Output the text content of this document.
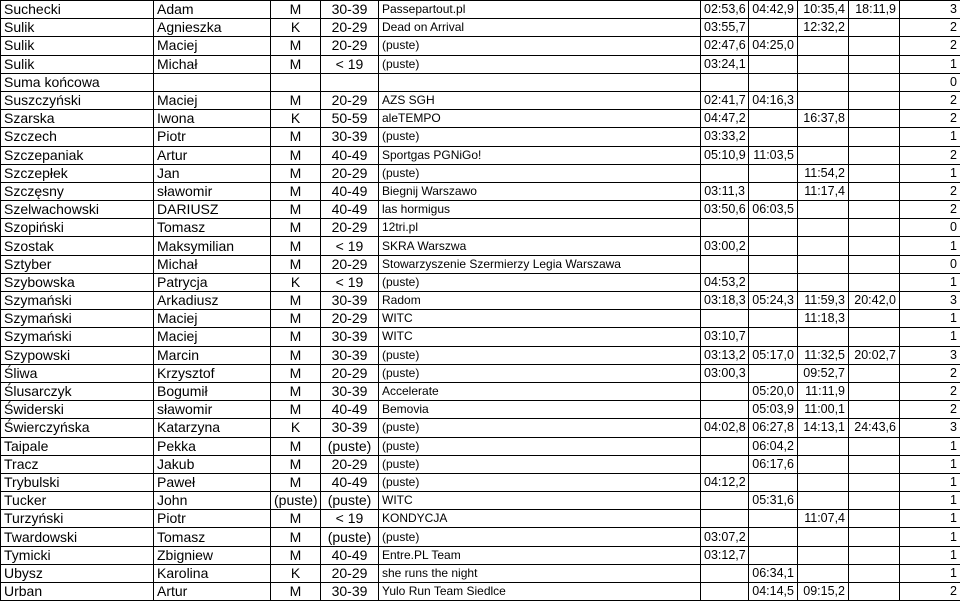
Suchecki	Adam	M	30-39	Passepartout.pl	02:53,6	04:42,9	10:35,4	18:11,9	3
Sulik	Agnieszka	K	20-29	Dead on Arrival	03:55,7		12:32,2		2
Sulik	Maciej	M	20-29	(puste)	02:47,6	04:25,0			2
Sulik	Michał	M	< 19	(puste)	03:24,1				1
Suma końcowa									0
Suszczyński	Maciej	M	20-29	AZS SGH	02:41,7	04:16,3			2
Szarska	Iwona	K	50-59	aleTEMPO	04:47,2		16:37,8		2
Szczech	Piotr	M	30-39	(puste)	03:33,2				1
Szczepaniak	Artur	M	40-49	Sportgas PGNiGo!	05:10,9	11:03,5			2
Szczepłek	Jan	M	20-29	(puste)			11:54,2		1
Szczęsny	sławomir	M	40-49	Biegnij Warszawo	03:11,3		11:17,4		2
Szelwachowski	DARIUSZ	M	40-49	las hormigus	03:50,6	06:03,5			2
Szopiński	Tomasz	M	20-29	12tri.pl					0
Szostak	Maksymilian	M	< 19	SKRA Warszwa	03:00,2				1
Sztyber	Michał	M	20-29	Stowarzyszenie Szermierzy Legia Warszawa					0
Szybowska	Patrycja	K	< 19	(puste)	04:53,2				1
Szymański	Arkadiusz	M	30-39	Radom	03:18,3	05:24,3	11:59,3	20:42,0	3
Szymański	Maciej	M	20-29	WITC			11:18,3		1
Szymański	Maciej	M	30-39	WITC	03:10,7				1
Szypowski	Marcin	M	30-39	(puste)	03:13,2	05:17,0	11:32,5	20:02,7	3
Śliwa	Krzysztof	M	20-29	(puste)	03:00,3		09:52,7		2
Ślusarczyk	Bogumił	M	30-39	Accelerate		05:20,0	11:11,9		2
Świderski	sławomir	M	40-49	Bemovia		05:03,9	11:00,1		2
Świerczyńska	Katarzyna	K	30-39	(puste)	04:02,8	06:27,8	14:13,1	24:43,6	3
Taipale	Pekka	M	(puste)	(puste)		06:04,2			1
Tracz	Jakub	M	20-29	(puste)		06:17,6			1
Trybulski	Paweł	M	40-49	(puste)	04:12,2				1
Tucker	John	(puste)	(puste)	WITC		05:31,6			1
Turzyński	Piotr	M	< 19	KONDYCJA			11:07,4		1
Twardowski	Tomasz	M	(puste)	(puste)	03:07,2				1
Tymicki	Zbigniew	M	40-49	Entre.PL Team	03:12,7				1
Ubysz	Karolina	K	20-29	she runs the night		06:34,1			1
Urban	Artur	M	30-39	Yulo Run Team Siedlce		04:14,5	09:15,2		2
